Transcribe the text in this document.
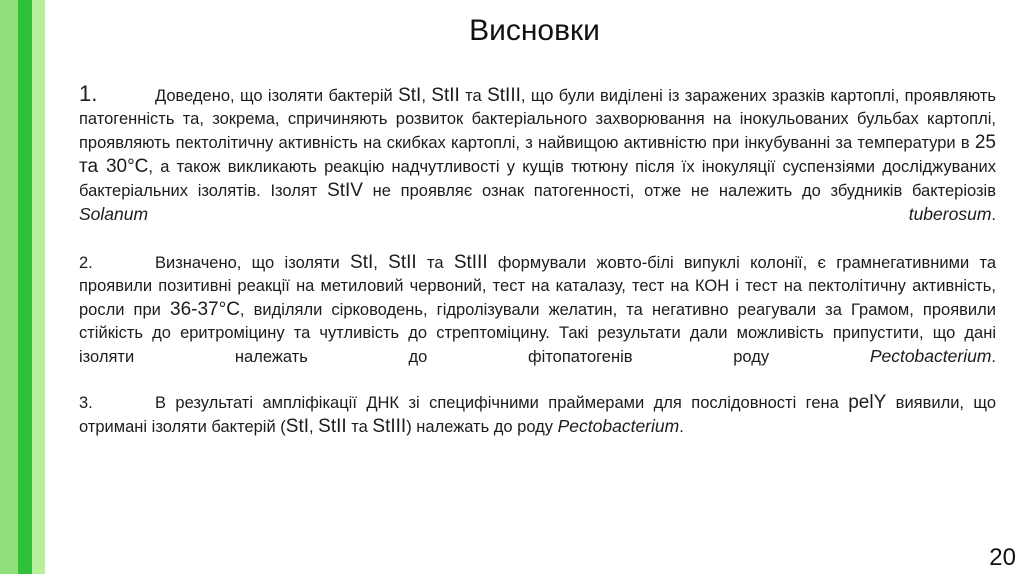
Висновки

1.	Доведено, що ізоляти бактерій StI, StII та StIII, що були виділені із заражених зразків картоплі, проявляють патогенність та, зокрема, спричиняють розвиток бактеріального захворювання на інокульованих бульбах картоплі, проявляють пектолітичну активність на скибках картоплі, з найвищою активністю при інкубуванні за температури в 25 та 30°С, а також викликають реакцію надчутливості у кущів тютюну після їх інокуляції суспензіями досліджуваних бактеріальних ізолятів. Ізолят StIV не проявляє ознак патогенності, отже не належить до збудників бактеріозів Solanum tuberosum.

2.	Визначено, що ізоляти StI, StII та StIII формували жовто-білі випуклі колонії, є грамнегативними та проявили позитивні реакції на метиловий червоний, тест на каталазу, тест на КОН і тест на пектолітичну активність, росли при 36-37°С, виділяли сірководень, гідролізували желатин, та негативно реагували за Грамом, проявили стійкість до еритроміцину та чутливість до стрептоміцину. Такі результати дали можливість припустити, що дані ізоляти належать до фітопатогенів роду Pectobacterium.

3.	В результаті ампліфікації ДНК зі специфічними праймерами для послідовності гена pelY виявили, що отримані ізоляти бактерій (StI, StII та StIII) належать до роду Pectobacterium.

20
